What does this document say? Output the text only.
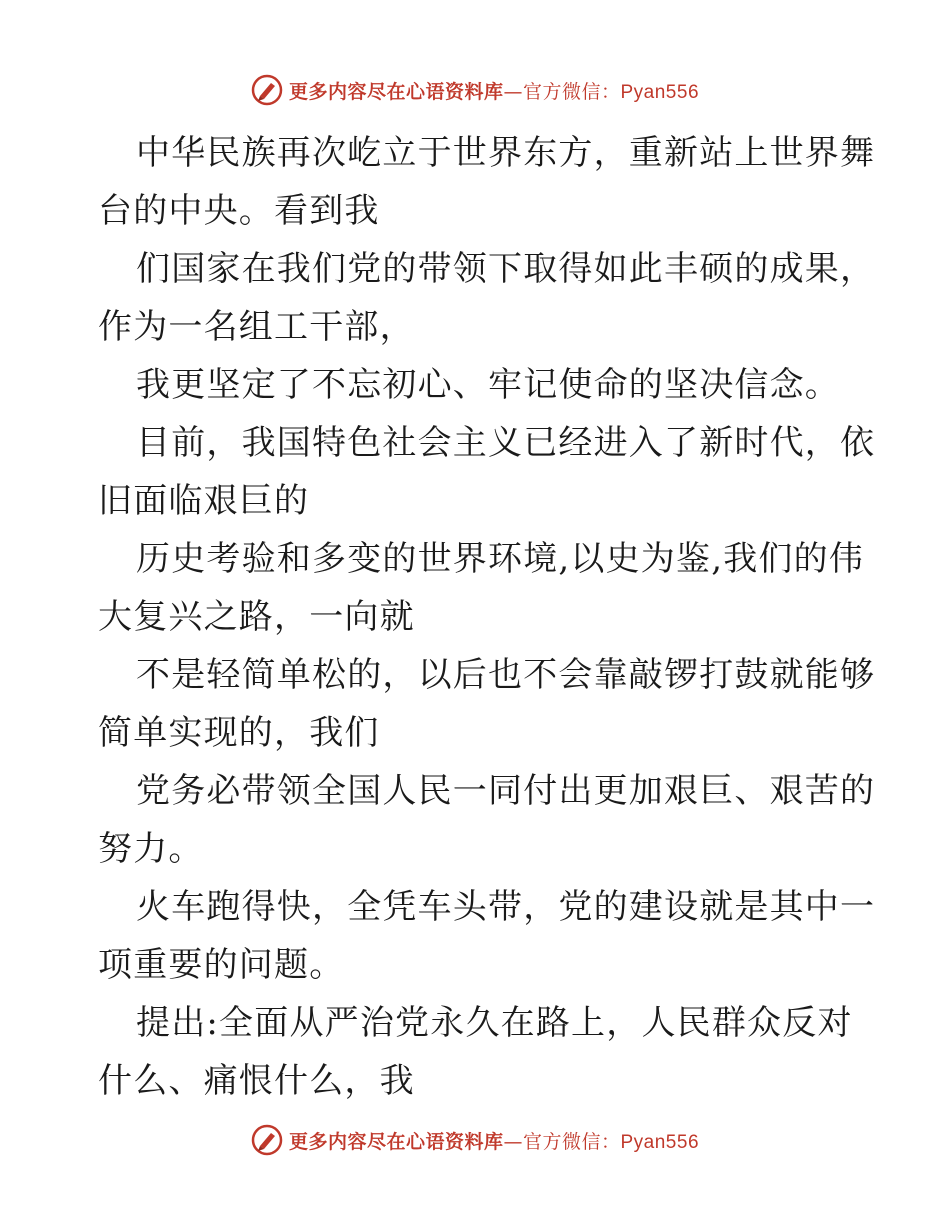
更多内容尽在心语资料库—官方微信：Pyan556
中华民族再次屹立于世界东方，重新站上世界舞
台的中央。看到我
们国家在我们党的带领下取得如此丰硕的成果，
作为一名组工干部，
我更坚定了不忘初心、牢记使命的坚决信念。
目前，我国特色社会主义已经进入了新时代，依
旧面临艰巨的
历史考验和多变的世界环境,以史为鉴,我们的伟
大复兴之路，一向就
不是轻简单松的，以后也不会靠敲锣打鼓就能够
简单实现的，我们
党务必带领全国人民一同付出更加艰巨、艰苦的
努力。
火车跑得快，全凭车头带，党的建设就是其中一
项重要的问题。
提出:全面从严治党永久在路上，人民群众反对
什么、痛恨什么，我
更多内容尽在心语资料库—官方微信：Pyan556
